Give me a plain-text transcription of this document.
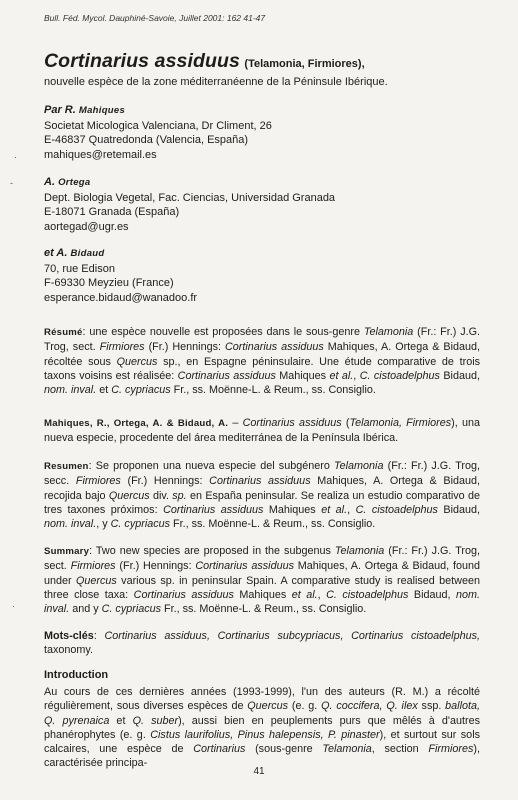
Bull. Féd. Mycol. Dauphiné-Savoie, Juillet 2001: 162 41-47
Cortinarius assiduus (Telamonia, Firmiores),
nouvelle espèce de la zone méditerranéenne de la Péninsule Ibérique.
Par R. Mahiques
Societat Micologica Valenciana, Dr Climent, 26
E-46837 Quatredonda (Valencia, España)
mahiques@retemail.es
A. Ortega
Dept. Biologia Vegetal, Fac. Ciencias, Universidad Granada
E-18071 Granada (España)
aortegad@ugr.es
et A. Bidaud
70, rue Edison
F-69330 Meyzieu (France)
esperance.bidaud@wanadoo.fr
Résumé: une espèce nouvelle est proposées dans le sous-genre Telamonia (Fr.: Fr.) J.G. Trog, sect. Firmiores (Fr.) Hennings: Cortinarius assiduus Mahiques, A. Ortega & Bidaud, récoltée sous Quercus sp., en Espagne péninsulaire. Une étude comparative de trois taxons voisins est réalisée: Cortinarius assiduus Mahiques et al., C. cistoadelphus Bidaud, nom. inval. et C. cypriacus Fr., ss. Moënne-L. & Reum., ss. Consiglio.
Mahiques, R., Ortega, A. & Bidaud, A. – Cortinarius assiduus (Telamonia, Firmiores), una nueva especie, procedente del área mediterránea de la Península Ibérica.
Resumen: Se proponen una nueva especie del subgénero Telamonia (Fr.: Fr.) J.G. Trog, secc. Firmiores (Fr.) Hennings: Cortinarius assiduus Mahiques, A. Ortega & Bidaud, recojida bajo Quercus div. sp. en España peninsular. Se realiza un estudio comparativo de tres taxones próximos: Cortinarius assiduus Mahiques et al., C. cistoadelphus Bidaud, nom. inval., y C. cypriacus Fr., ss. Moënne-L. & Reum., ss. Consiglio.
Summary: Two new species are proposed in the subgenus Telamonia (Fr.: Fr.) J.G. Trog, sect. Firmiores (Fr.) Hennings: Cortinarius assiduus Mahiques, A. Ortega & Bidaud, found under Quercus various sp. in peninsular Spain. A comparative study is realised between three close taxa: Cortinarius assiduus Mahiques et al., C. cistoadelphus Bidaud, nom. inval. and y C. cypriacus Fr., ss. Moënne-L. & Reum., ss. Consiglio.
Mots-clés: Cortinarius assiduus, Cortinarius subcypriacus, Cortinarius cistoadelphus, taxonomy.
Introduction
Au cours de ces dernières années (1993-1999), l'un des auteurs (R. M.) a récolté régulièrement, sous diverses espèces de Quercus (e. g. Q. coccifera, Q. ilex ssp. ballota, Q. pyrenaica et Q. suber), aussi bien en peuplements purs que mêlés à d'autres phanérophytes (e. g. Cistus laurifolius, Pinus halepensis, P. pinaster), et surtout sur sols calcaires, une espèce de Cortinarius (sous-genre Telamonia, section Firmiores), caractérisée principa-
41
·
-
·
